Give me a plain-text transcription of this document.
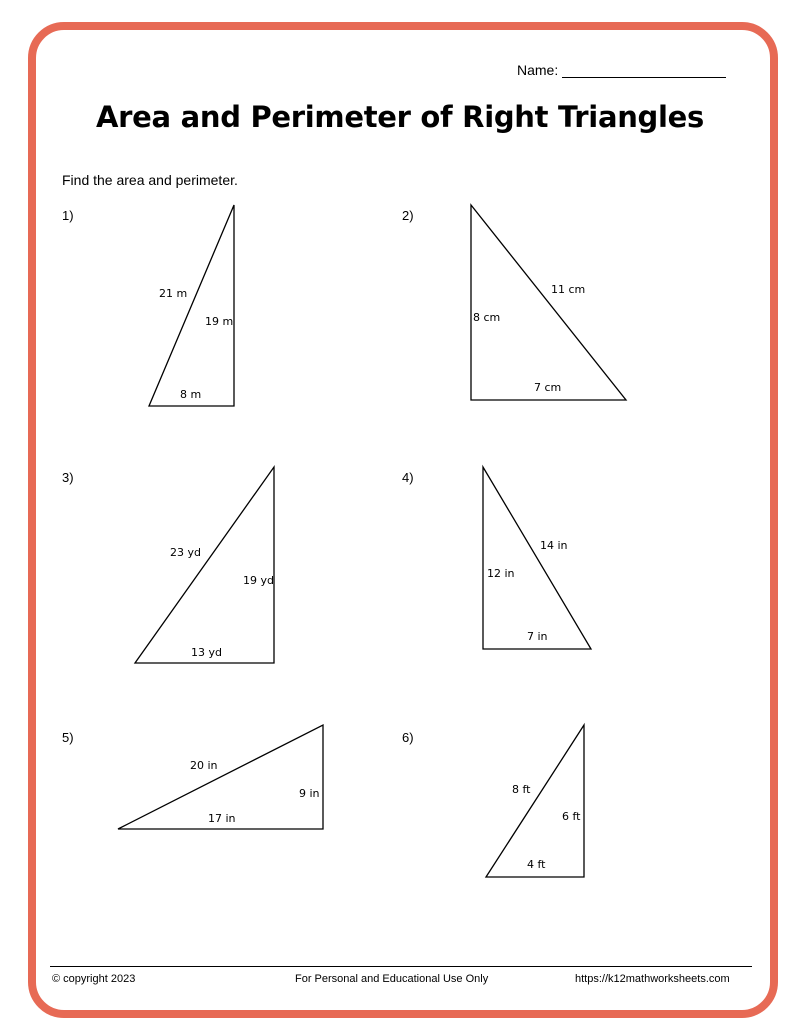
Name:
Area and Perimeter of Right Triangles
Find the area and perimeter.
1)	2)
3)	4)
5)	6)
21 m
19 m
8 m
11 cm
8 cm
7 cm
23 yd
19 yd
13 yd
14 in
12 in
7 in
20 in
9 in
17 in
8 ft
6 ft
4 ft
© copyright 2023	For Personal and Educational Use Only	https://k12mathworksheets.com
